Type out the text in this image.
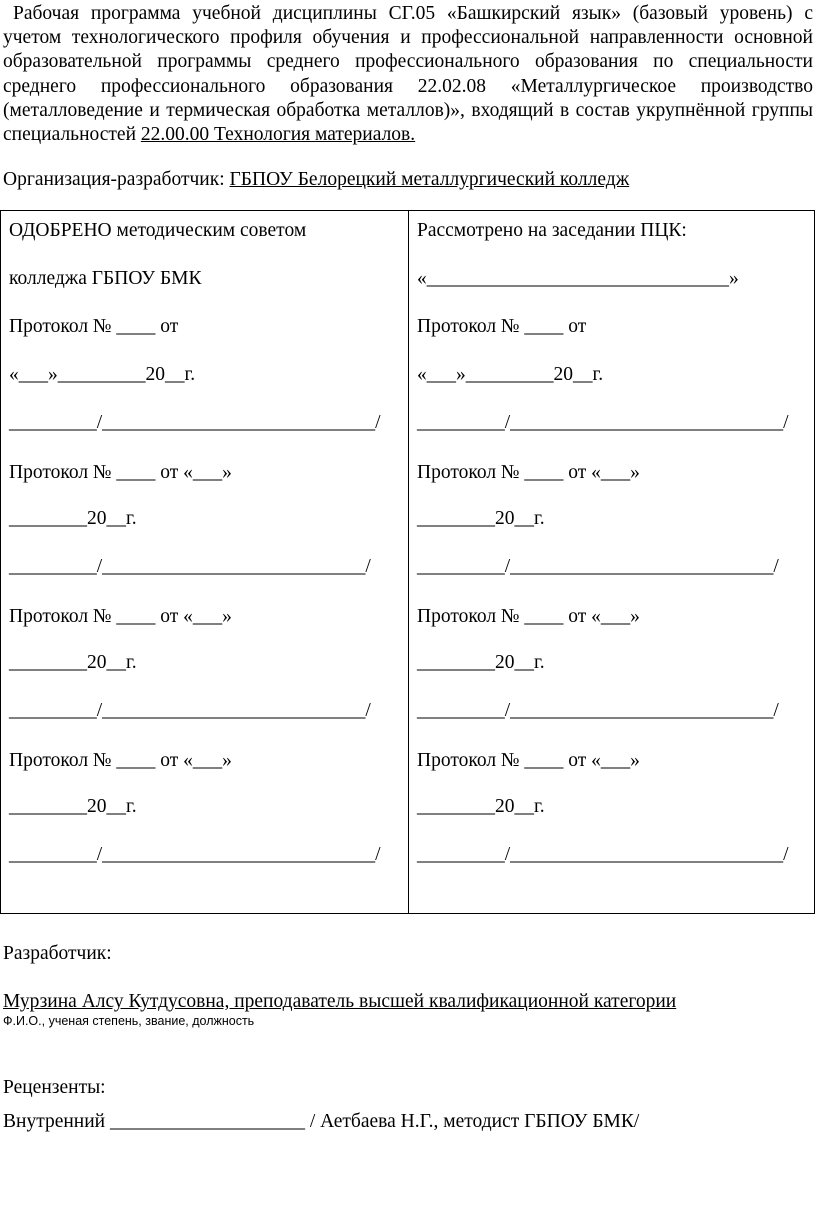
Рабочая программа учебной дисциплины СГ.05 «Башкирский язык» (базовый уровень) с учетом технологического профиля обучения и профессиональной направленности основной образовательной программы среднего профессионального образования по специальности среднего профессионального образования 22.02.08 «Металлургическое производство (металловедение и термическая обработка металлов)», входящий в состав укрупнённой группы специальностей 22.00.00 Технология материалов.
Организация-разработчик: ГБПОУ Белорецкий металлургический колледж
ОДОБРЕНО методическим советом
колледжа ГБПОУ БМК
Протокол № ____ от
«___»_________20__г.
_________/____________________________/
Протокол № ____ от «___»
________20__г.
_________/___________________________/
Протокол № ____ от «___»
________20__г.
_________/___________________________/
Протокол № ____ от «___»
________20__г.
_________/____________________________/
Рассмотрено на заседании ПЦК:
«_______________________________»
Протокол № ____ от
«___»_________20__г.
_________/____________________________/
Протокол № ____ от «___»
________20__г.
_________/___________________________/
Протокол № ____ от «___»
________20__г.
_________/___________________________/
Протокол № ____ от «___»
________20__г.
_________/____________________________/
Разработчик:
Мурзина Алсу Кутдусовна, преподаватель высшей квалификационной категории
Ф.И.О., ученая степень, звание, должность
Рецензенты:
Внутренний ____________________ / Аетбаева Н.Г., методист ГБПОУ БМК/
